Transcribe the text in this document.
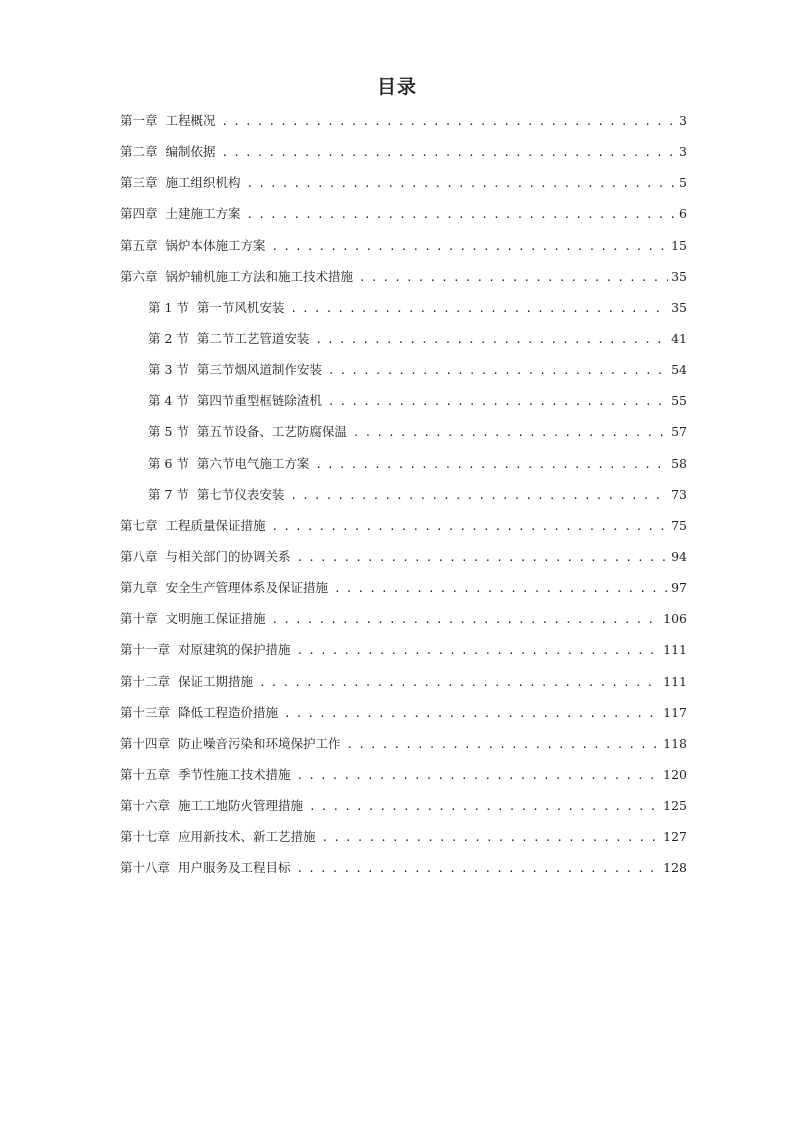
目录
第一章 工程概况 . . .	3
第二章 编制依据 . . .	3
第三章 施工组织机构 . . .	5
第四章 土建施工方案 . . .	6
第五章 锅炉本体施工方案 . . .	15
第六章 锅炉辅机施工方法和施工技术措施 . . .	35
第 1 节 第一节风机安装 . . .	35
第 2 节 第二节工艺管道安装 . . .	41
第 3 节 第三节烟风道制作安装 . . .	54
第 4 节 第四节重型框链除渣机 . . .	55
第 5 节 第五节设备、工艺防腐保温 . . .	57
第 6 节 第六节电气施工方案 . . .	58
第 7 节 第七节仪表安装 . . .	73
第七章 工程质量保证措施 . . .	75
第八章 与相关部门的协调关系 . . .	94
第九章 安全生产管理体系及保证措施 . . .	97
第十章 文明施工保证措施 . . .	106
第十一章 对原建筑的保护措施 . . .	111
第十二章 保证工期措施 . . .	111
第十三章 降低工程造价措施 . . .	117
第十四章 防止噪音污染和环境保护工作 . . .	118
第十五章 季节性施工技术措施 . . .	120
第十六章 施工工地防火管理措施 . . .	125
第十七章 应用新技术、新工艺措施 . . .	127
第十八章 用户服务及工程目标 . . .	128
